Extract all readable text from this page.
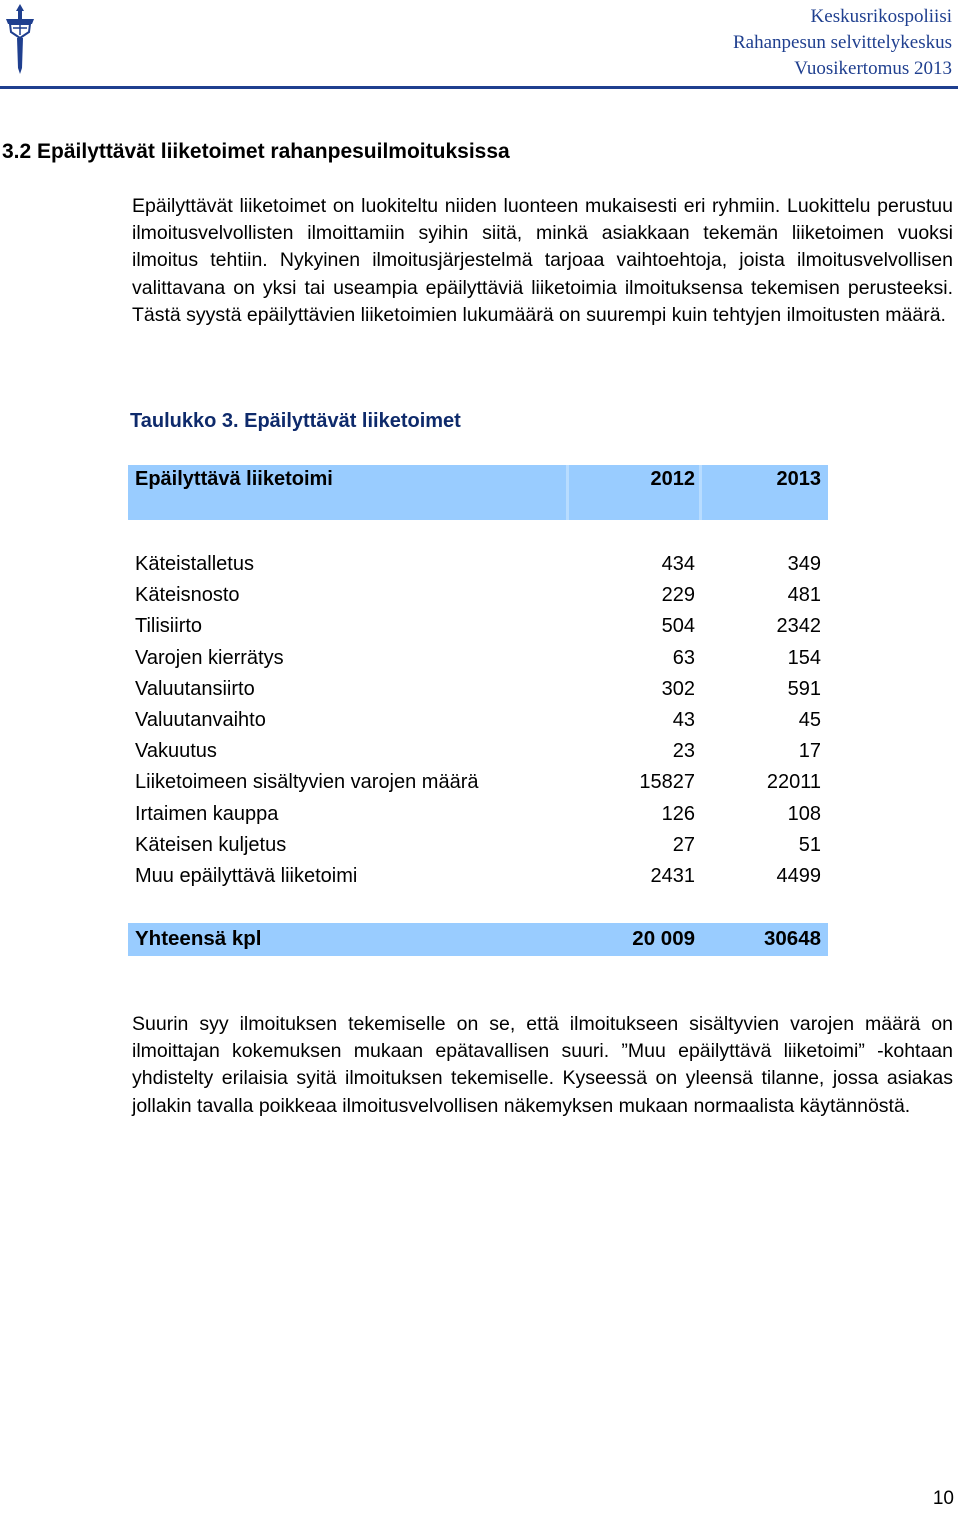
Keskusrikospoliisi
Rahanpesun selvittelykeskus
Vuosikertomus 2013
3.2 Epäilyttävät liiketoimet rahanpesuilmoituksissa
Epäilyttävät liiketoimet on luokiteltu niiden luonteen mukaisesti eri ryhmiin. Luokittelu perustuu ilmoitusvelvollisten ilmoittamiin syihin siitä, minkä asiakkaan tekemän liiketoimen vuoksi ilmoitus tehtiin. Nykyinen ilmoitusjärjestelmä tarjoaa vaihtoehtoja, joista ilmoitusvelvollisen valittavana on yksi tai useampia epäilyttäviä liiketoimia ilmoituksensa tekemisen perusteeksi. Tästä syystä epäilyttävien liiketoimien lukumäärä on suurempi kuin tehtyjen ilmoitusten määrä.
Taulukko 3. Epäilyttävät liiketoimet
Epäilyttävä liiketoimi	2012	2013
Käteistalletus	434	349
Käteisnosto	229	481
Tilisiirto	504	2342
Varojen kierrätys	63	154
Valuutansiirto	302	591
Valuutanvaihto	43	45
Vakuutus	23	17
Liiketoimeen sisältyvien varojen määrä	15827	22011
Irtaimen kauppa	126	108
Käteisen kuljetus	27	51
Muu epäilyttävä liiketoimi	2431	4499
Yhteensä kpl	20 009	30648
Suurin syy ilmoituksen tekemiselle on se, että ilmoitukseen sisältyvien varojen määrä on ilmoittajan kokemuksen mukaan epätavallisen suuri. ”Muu epäilyttävä liiketoimi” -kohtaan yhdistelty erilaisia syitä ilmoituksen tekemiselle. Kyseessä on yleensä tilanne, jossa asiakas jollakin tavalla poikkeaa ilmoitusvelvollisen näkemyksen mukaan normaalista käytännöstä.
10
